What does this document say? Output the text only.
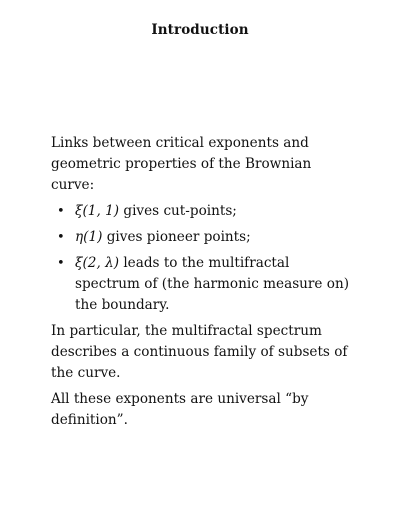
Introduction

Links between critical exponents and geometric properties of the Brownian curve:

• ξ(1, 1) gives cut-points;
• η(1) gives pioneer points;
• ξ(2, λ) leads to the multifractal spectrum of (the harmonic measure on) the boundary.

In particular, the multifractal spectrum describes a continuous family of subsets of the curve.

All these exponents are universal “by definition”.
